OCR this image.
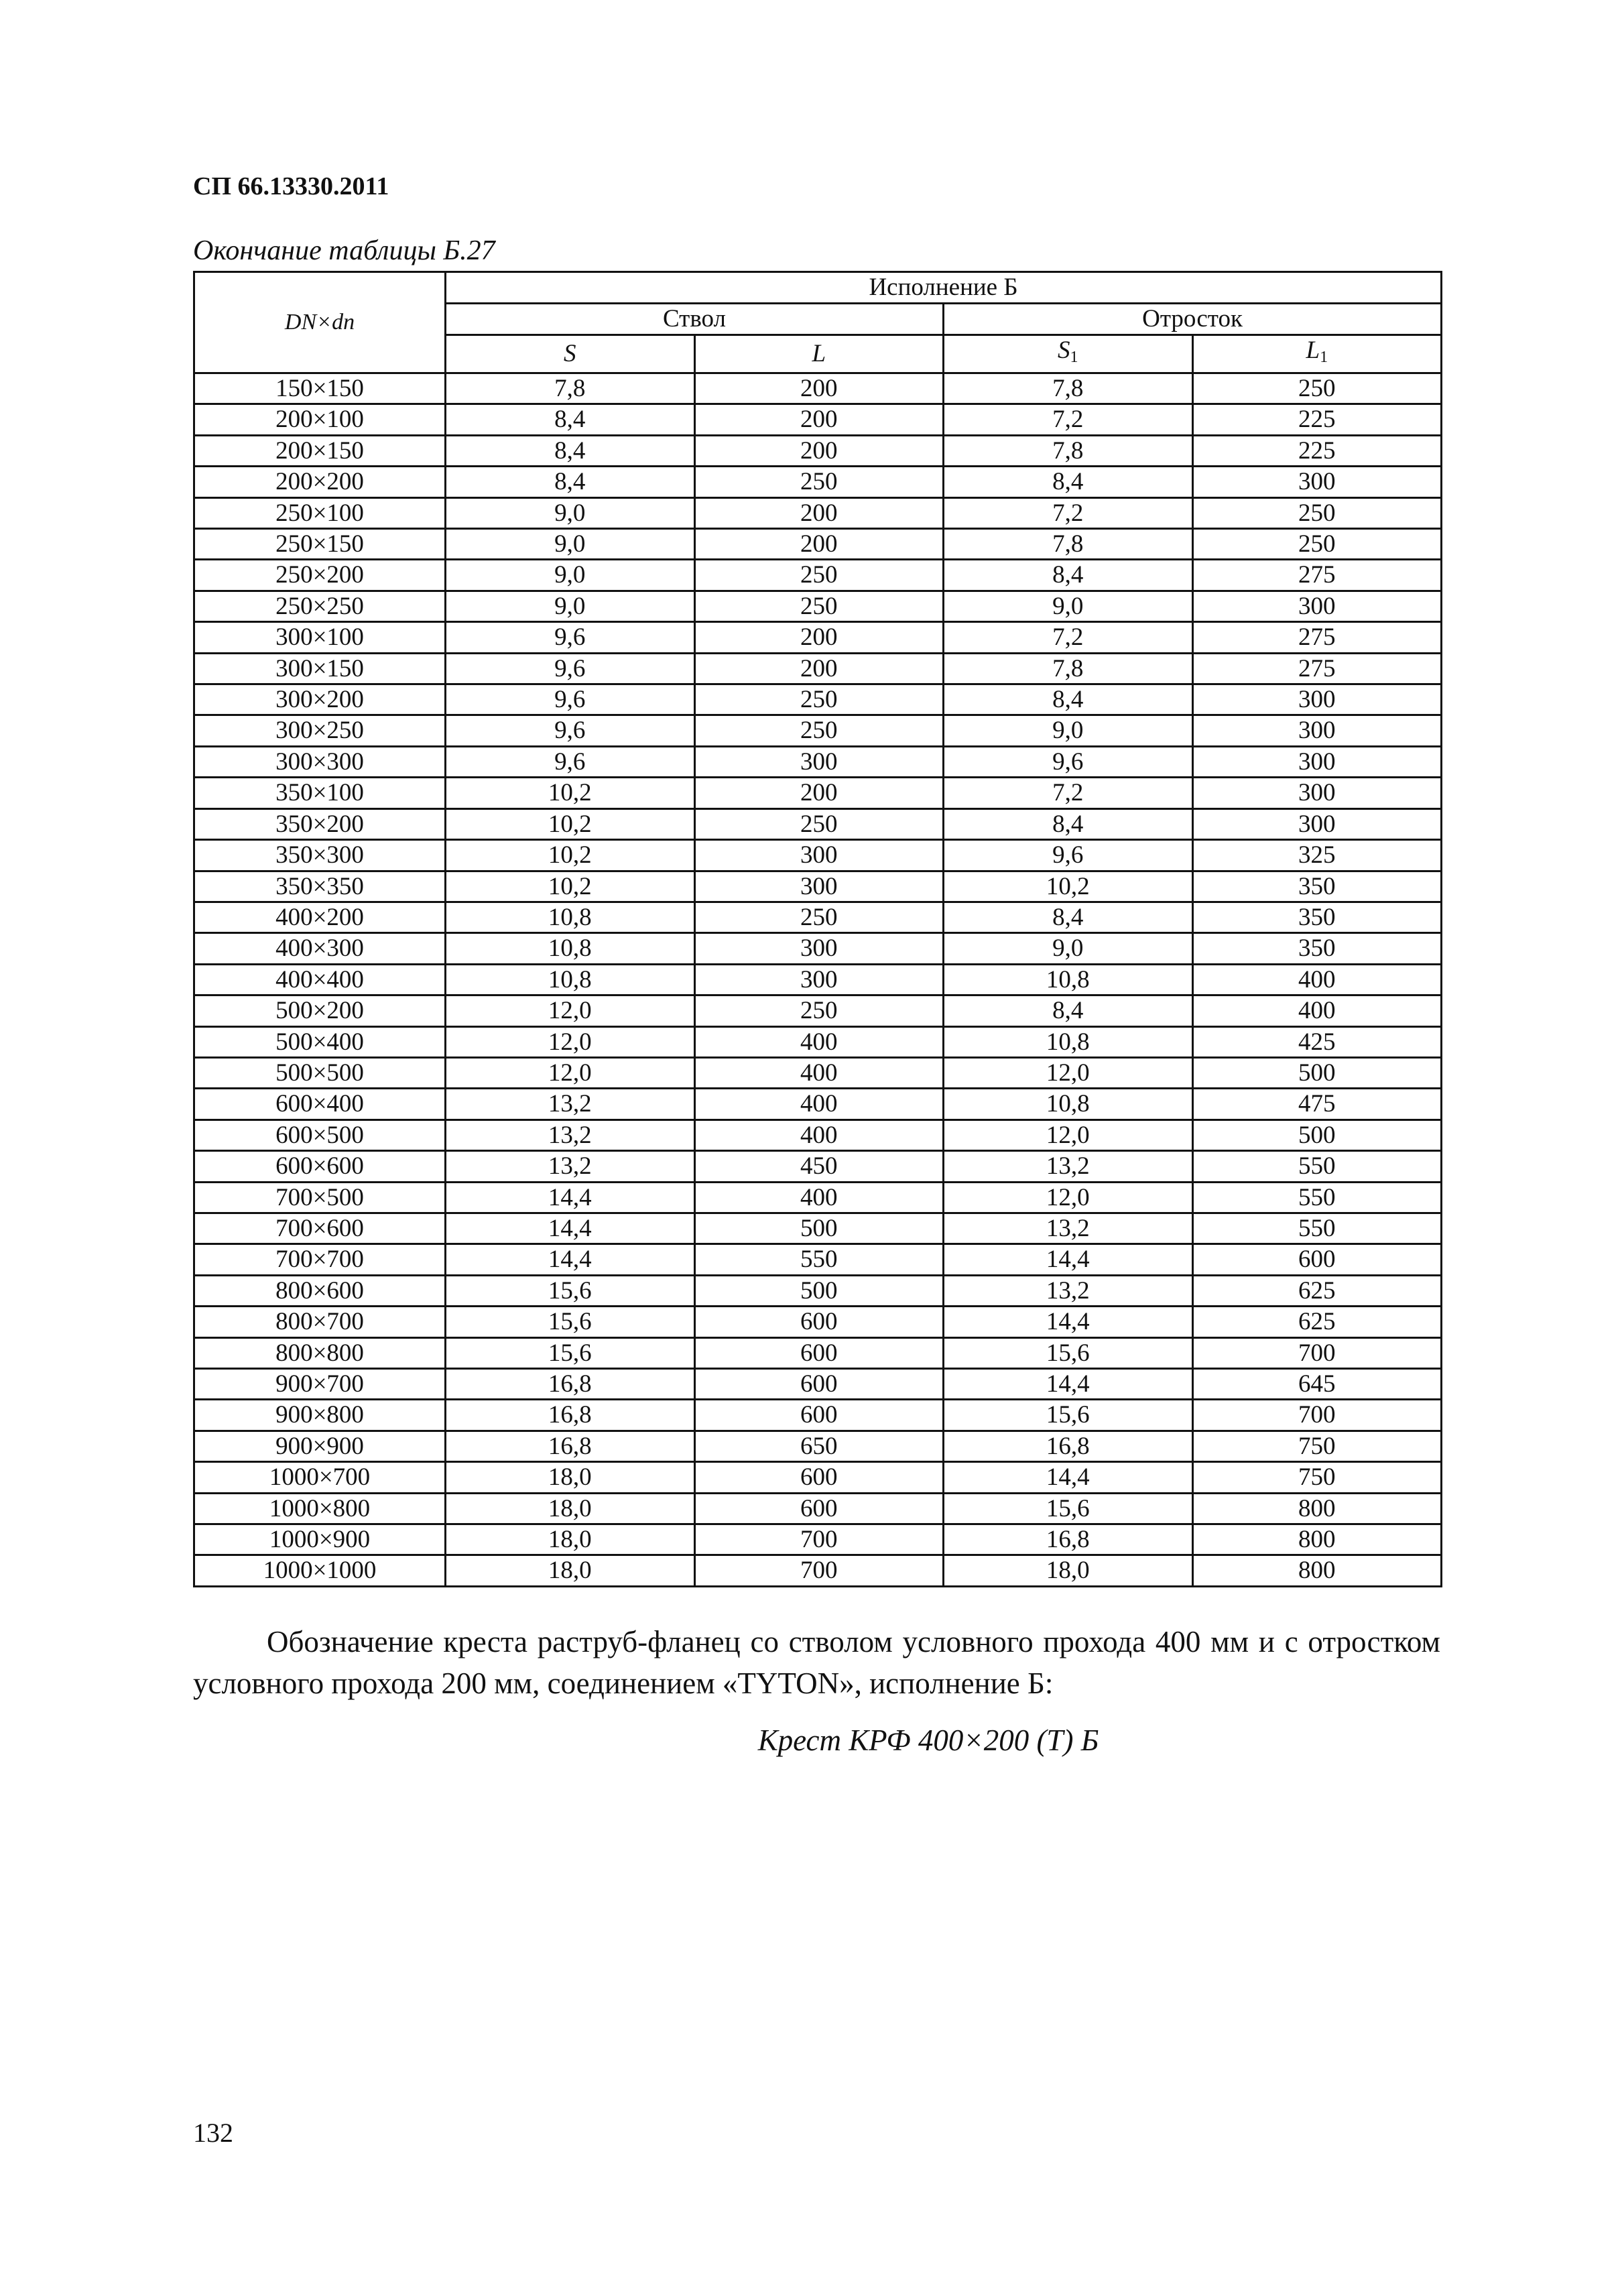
СП 66.13330.2011
Окончание таблицы Б.27
DN×dn	Исполнение Б			
	Ствол		Отросток	
	S	L	$S_1$	$L_1$
150×150	7,8	200	7,8	250
200×100	8,4	200	7,2	225
200×150	8,4	200	7,8	225
200×200	8,4	250	8,4	300
250×100	9,0	200	7,2	250
250×150	9,0	200	7,8	250
250×200	9,0	250	8,4	275
250×250	9,0	250	9,0	300
300×100	9,6	200	7,2	275
300×150	9,6	200	7,8	275
300×200	9,6	250	8,4	300
300×250	9,6	250	9,0	300
300×300	9,6	300	9,6	300
350×100	10,2	200	7,2	300
350×200	10,2	250	8,4	300
350×300	10,2	300	9,6	325
350×350	10,2	300	10,2	350
400×200	10,8	250	8,4	350
400×300	10,8	300	9,0	350
400×400	10,8	300	10,8	400
500×200	12,0	250	8,4	400
500×400	12,0	400	10,8	425
500×500	12,0	400	12,0	500
600×400	13,2	400	10,8	475
600×500	13,2	400	12,0	500
600×600	13,2	450	13,2	550
700×500	14,4	400	12,0	550
700×600	14,4	500	13,2	550
700×700	14,4	550	14,4	600
800×600	15,6	500	13,2	625
800×700	15,6	600	14,4	625
800×800	15,6	600	15,6	700
900×700	16,8	600	14,4	645
900×800	16,8	600	15,6	700
900×900	16,8	650	16,8	750
1000×700	18,0	600	14,4	750
1000×800	18,0	600	15,6	800
1000×900	18,0	700	16,8	800
1000×1000	18,0	700	18,0	800
Обозначение креста раструб-фланец со стволом условного прохода 400 мм и с отростком условного прохода 200 мм, соединением «TYTON», исполнение Б:
Крест КРФ 400×200 (Т) Б
132
